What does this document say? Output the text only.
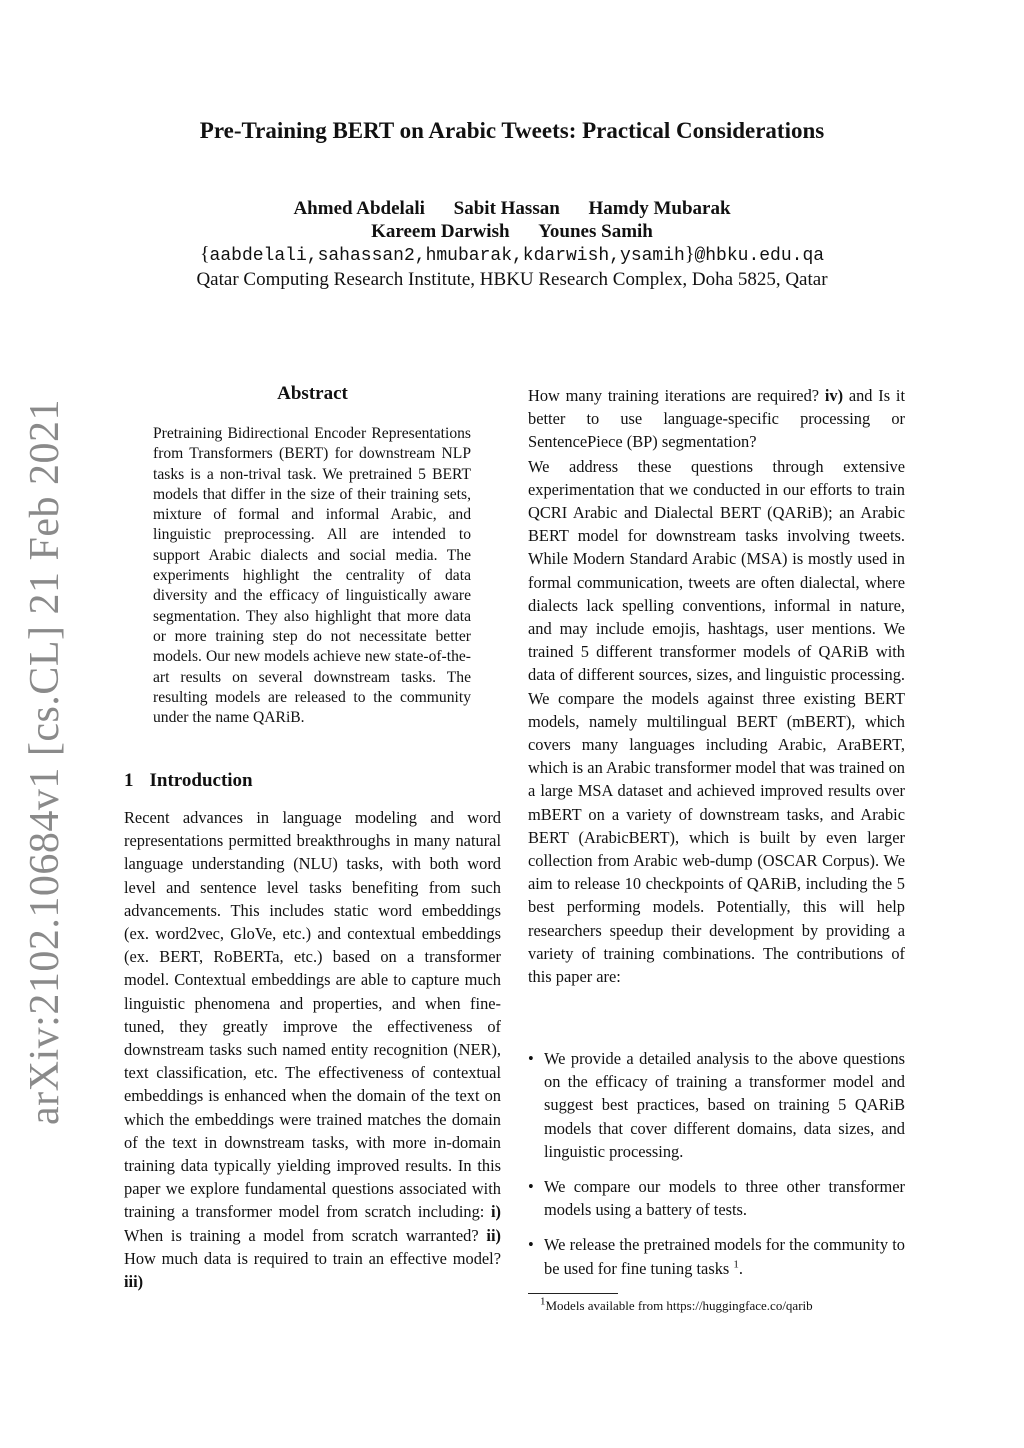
arXiv:2102.10684v1 [cs.CL] 21 Feb 2021
Pre-Training BERT on Arabic Tweets: Practical Considerations
Ahmed Abdelali Sabit Hassan Hamdy Mubarak
Kareem Darwish Younes Samih
{aabdelali,sahassan2,hmubarak,kdarwish,ysamih}@hbku.edu.qa
Qatar Computing Research Institute, HBKU Research Complex, Doha 5825, Qatar
Abstract
Pretraining Bidirectional Encoder Representations from Transformers (BERT) for downstream NLP tasks is a non-trival task. We pretrained 5 BERT models that differ in the size of their training sets, mixture of formal and informal Arabic, and linguistic preprocessing. All are intended to support Arabic dialects and social media. The experiments highlight the centrality of data diversity and the efficacy of linguistically aware segmentation. They also highlight that more data or more training step do not necessitate better models. Our new models achieve new state-of-the-art results on several downstream tasks. The resulting models are released to the community under the name QARiB.
1 Introduction
Recent advances in language modeling and word representations permitted breakthroughs in many natural language understanding (NLU) tasks, with both word level and sentence level tasks benefiting from such advancements. This includes static word embeddings (ex. word2vec, GloVe, etc.) and contextual embeddings (ex. BERT, RoBERTa, etc.) based on a transformer model. Contextual embeddings are able to capture much linguistic phenomena and properties, and when fine-tuned, they greatly improve the effectiveness of downstream tasks such named entity recognition (NER), text classification, etc. The effectiveness of contextual embeddings is enhanced when the domain of the text on which the embeddings were trained matches the domain of the text in downstream tasks, with more in-domain training data typically yielding improved results. In this paper we explore fundamental questions associated with training a transformer model from scratch including: i) When is training a model from scratch warranted? ii) How much data is required to train an effective model? iii)

How many training iterations are required? iv) and Is it better to use language-specific processing or SentencePiece (BP) segmentation?

We address these questions through extensive experimentation that we conducted in our efforts to train QCRI Arabic and Dialectal BERT (QARiB); an Arabic BERT model for downstream tasks involving tweets. While Modern Standard Arabic (MSA) is mostly used in formal communication, tweets are often dialectal, where dialects lack spelling conventions, informal in nature, and may include emojis, hashtags, user mentions. We trained 5 different transformer models of QARiB with data of different sources, sizes, and linguistic processing. We compare the models against three existing BERT models, namely multilingual BERT (mBERT), which covers many languages including Arabic, AraBERT, which is an Arabic transformer model that was trained on a large MSA dataset and achieved improved results over mBERT on a variety of downstream tasks, and Arabic BERT (ArabicBERT), which is built by even larger collection from Arabic web-dump (OSCAR Corpus). We aim to release 10 checkpoints of QARiB, including the 5 best performing models. Potentially, this will help researchers speedup their development by providing a variety of training combinations. The contributions of this paper are:

• We provide a detailed analysis to the above questions on the efficacy of training a transformer model and suggest best practices, based on training 5 QARiB models that cover different domains, data sizes, and linguistic processing.
• We compare our models to three other transformer models using a battery of tests.
• We release the pretrained models for the community to be used for fine tuning tasks $^1$.
$^1$Models available from https://huggingface.co/qarib
